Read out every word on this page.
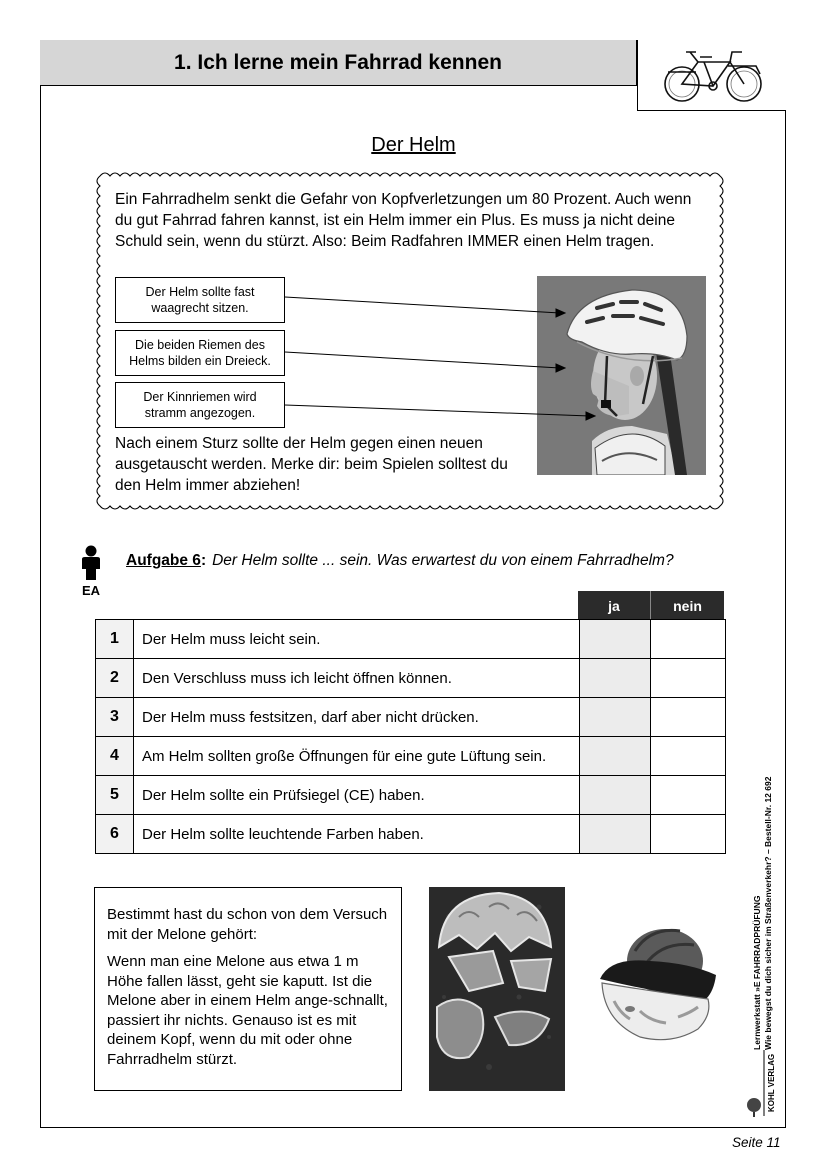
1. Ich lerne mein Fahrrad kennen
Der Helm
Ein Fahrradhelm senkt die Gefahr von Kopfverletzungen um 80 Prozent. Auch wenn du gut Fahrrad fahren kannst, ist ein Helm immer ein Plus. Es muss ja nicht deine Schuld sein, wenn du stürzt. Also: Beim Radfahren IMMER einen Helm tragen.
Der Helm sollte fast
waagrecht sitzen.
Die beiden Riemen des
Helms bilden ein Dreieck.
Der Kinnriemen wird
stramm angezogen.
Nach einem Sturz sollte der Helm gegen einen neuen ausgetauscht werden. Merke dir: beim Spielen solltest du den Helm immer abziehen!
EA
Aufgabe 6: Der Helm sollte ... sein. Was erwartest du von einem Fahrradhelm?
ja	nein
1	Der Helm muss leicht sein.		
2	Den Verschluss muss ich leicht öffnen können.		
3	Der Helm muss festsitzen, darf aber nicht drücken.		
4	Am Helm sollten große Öffnungen für eine gute Lüftung sein.		
5	Der Helm sollte ein Prüfsiegel (CE) haben.		
6	Der Helm sollte leuchtende Farben haben.		

Bestimmt hast du schon von dem Versuch mit der Melone gehört:

Wenn man eine Melone aus etwa 1 m Höhe fallen lässt, geht sie kaputt. Ist die Melone aber in einem Helm ange-schnallt, passiert ihr nichts. Genauso ist es mit deinem Kopf, wenn du mit oder ohne Fahrradhelm stürzt.

Lernwerkstatt »E FAHRRADPRÜFUNG Wie bewegst du dich sicher im Straßenverkehr? – Bestell-Nr. 12 692
KOHL VERLAG
Seite 11
